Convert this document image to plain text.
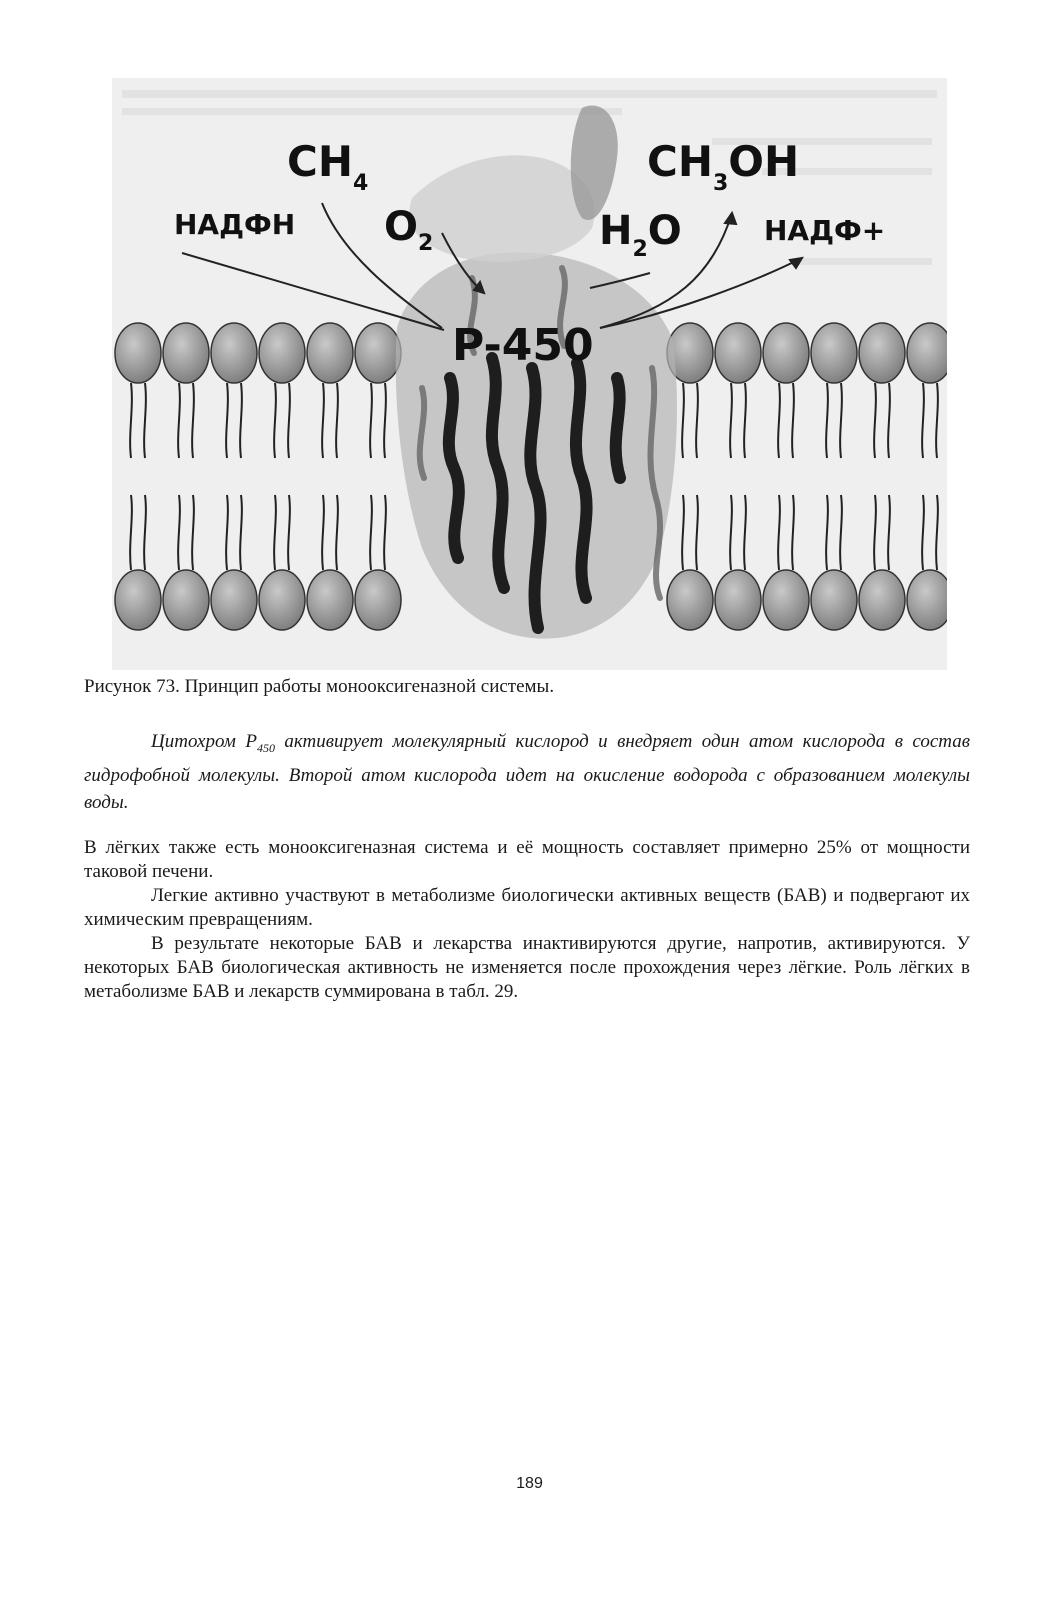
$CH_4$	$CH_3OH$
НАДФН $O_2$	$H_2O$	НАДФ+
P-450
Рисунок 73. Принцип работы монооксигеназной системы.
Цитохром $P_{450}$ активирует молекулярный кислород и внедряет один атом кислорода в состав гидрофобной молекулы. Второй атом кислорода идет на окисление водорода с образованием молекулы воды.

В лёгких также есть монооксигеназная система и её мощность составляет примерно 25% от мощности таковой печени.

Легкие активно участвуют в метаболизме биологически активных веществ (БАВ) и подвергают их химическим превращениям.

В результате некоторые БАВ и лекарства инактивируются другие, напротив, активируются. У некоторых БАВ биологическая активность не изменяется после прохождения через лёгкие. Роль лёгких в метаболизме БАВ и лекарств суммирована в табл. 29.

189
